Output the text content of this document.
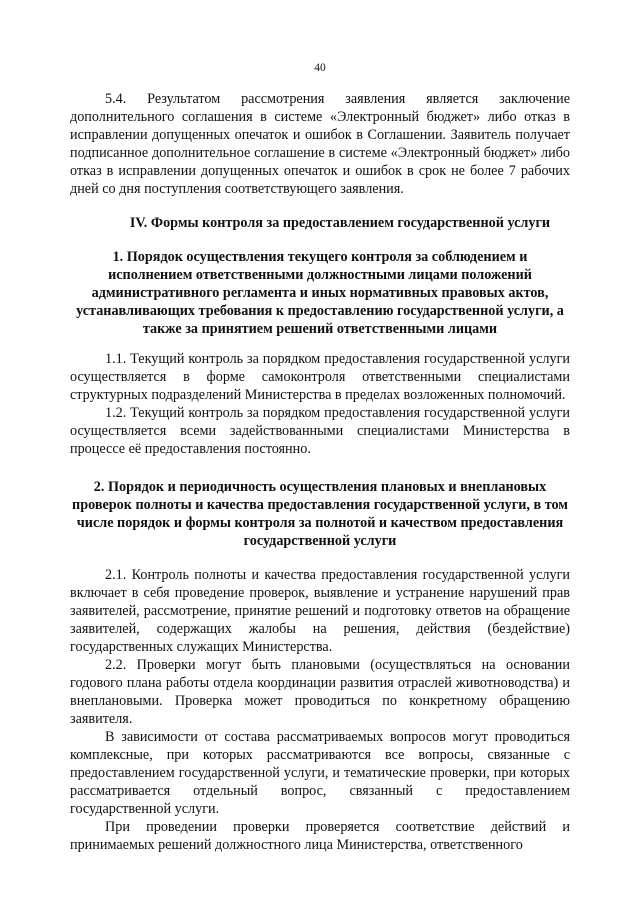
40

5.4. Результатом рассмотрения заявления является заключение дополнительного соглашения в системе «Электронный бюджет» либо отказ в исправлении допущенных опечаток и ошибок в Соглашении. Заявитель получает подписанное дополнительное соглашение в системе «Электронный бюджет» либо отказ в исправлении допущенных опечаток и ошибок в срок не более 7 рабочих дней со дня поступления соответствующего заявления.

IV. Формы контроля за предоставлением государственной услуги

1. Порядок осуществления текущего контроля за соблюдением и исполнением ответственными должностными лицами положений административного регламента и иных нормативных правовых актов, устанавливающих требования к предоставлению государственной услуги, а также за принятием решений ответственными лицами

1.1. Текущий контроль за порядком предоставления государственной услуги осуществляется в форме самоконтроля ответственными специалистами структурных подразделений Министерства в пределах возложенных полномочий.

1.2. Текущий контроль за порядком предоставления государственной услуги осуществляется всеми задействованными специалистами Министерства в процессе её предоставления постоянно.

2. Порядок и периодичность осуществления плановых и внеплановых проверок полноты и качества предоставления государственной услуги, в том числе порядок и формы контроля за полнотой и качеством предоставления государственной услуги

2.1. Контроль полноты и качества предоставления государственной услуги включает в себя проведение проверок, выявление и устранение нарушений прав заявителей, рассмотрение, принятие решений и подготовку ответов на обращение заявителей, содержащих жалобы на решения, действия (бездействие) государственных служащих Министерства.

2.2. Проверки могут быть плановыми (осуществляться на основании годового плана работы отдела координации развития отраслей животноводства) и внеплановыми. Проверка может проводиться по конкретному обращению заявителя.

В зависимости от состава рассматриваемых вопросов могут проводиться комплексные, при которых рассматриваются все вопросы, связанные с предоставлением государственной услуги, и тематические проверки, при которых рассматривается отдельный вопрос, связанный с предоставлением государственной услуги.

При проведении проверки проверяется соответствие действий и принимаемых решений должностного лица Министерства, ответственного
